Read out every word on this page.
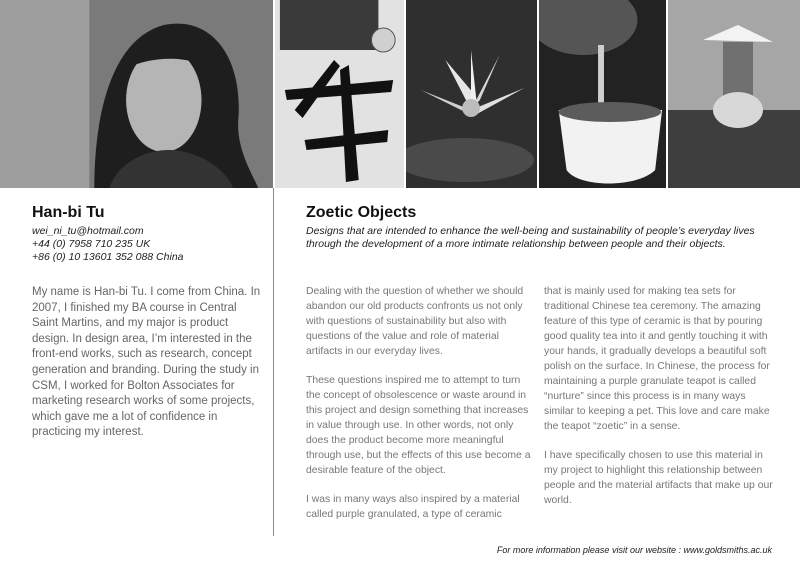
Han-bi Tu
wei_ni_tu@hotmail.com
+44 (0) 7958 710 235 UK
+86 (0) 10 13601 352 088 China
My name is Han-bi Tu. I come from China. In 2007, I finished my BA course in Central Saint Martins, and my major is product design. In design area, I’m interested in the front-end works, such as research, concept generation and branding. During the study in CSM, I worked for Bolton Associates for marketing research works of some projects, which gave me a lot of confidence in practicing my interest.
Zoetic Objects
Designs that are intended to enhance the well-being and sustainability of people’s everyday lives through the development of a more intimate relationship between people and their objects.

Dealing with the question of whether we should abandon our old products confronts us not only with questions of sustainability but also with questions of the value and role of material artifacts in our everyday lives.

These questions inspired me to attempt to turn the concept of obsolescence or waste around in this project and design something that increases in value through use. In other words, not only does the product become more meaningful through use, but the effects of this use become a desirable feature of the object.

I was in many ways also inspired by a material called purple granulated, a type of ceramic

that is mainly used for making tea sets for traditional Chinese tea ceremony. The amazing feature of this type of ceramic is that by pouring good quality tea into it and gently touching it with your hands, it gradually develops a beautiful soft polish on the surface. In Chinese, the process for maintaining a purple granulate teapot is called “nurture” since this process is in many ways similar to keeping a pet. This love and care make the teapot “zoetic” in a sense.

I have specifically chosen to use this material in my project to highlight this relationship between people and the material artifacts that make up our world.

For more information please visit our website : www.goldsmiths.ac.uk
